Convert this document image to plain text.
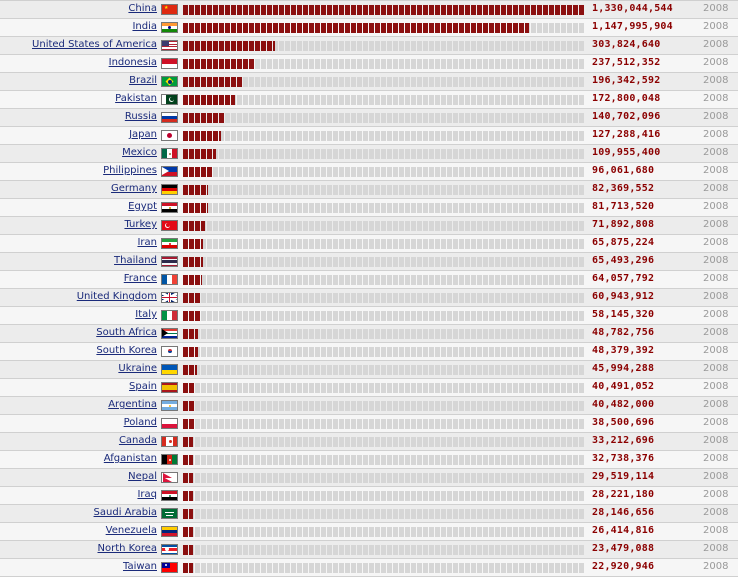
China ★	1,330,044,544	2008
India	1,147,995,904	2008
United States of America	303,824,640	2008
Indonesia	237,512,352	2008
Brazil	196,342,592	2008
Pakistan	172,800,048	2008
Russia	140,702,096	2008
Japan	127,288,416	2008
Mexico	109,955,400	2008
Philippines	96,061,680	2008
Germany	82,369,552	2008
Egypt	81,713,520	2008
Turkey	71,892,808	2008
Iran	65,875,224	2008
Thailand	65,493,296	2008
France	64,057,792	2008
United Kingdom	60,943,912	2008
Italy	58,145,320	2008
South Africa	48,782,756	2008
South Korea	48,379,392	2008
Ukraine	45,994,288	2008
Spain	40,491,052	2008
Argentina	40,482,000	2008
Poland	38,500,696	2008
Canada	33,212,696	2008
Afganistan	32,738,376	2008
Nepal	29,519,114	2008
Iraq	28,221,180	2008
Saudi Arabia	28,146,656	2008
Venezuela	26,414,816	2008
North Korea	23,479,088	2008
Taiwan	22,920,946	2008
